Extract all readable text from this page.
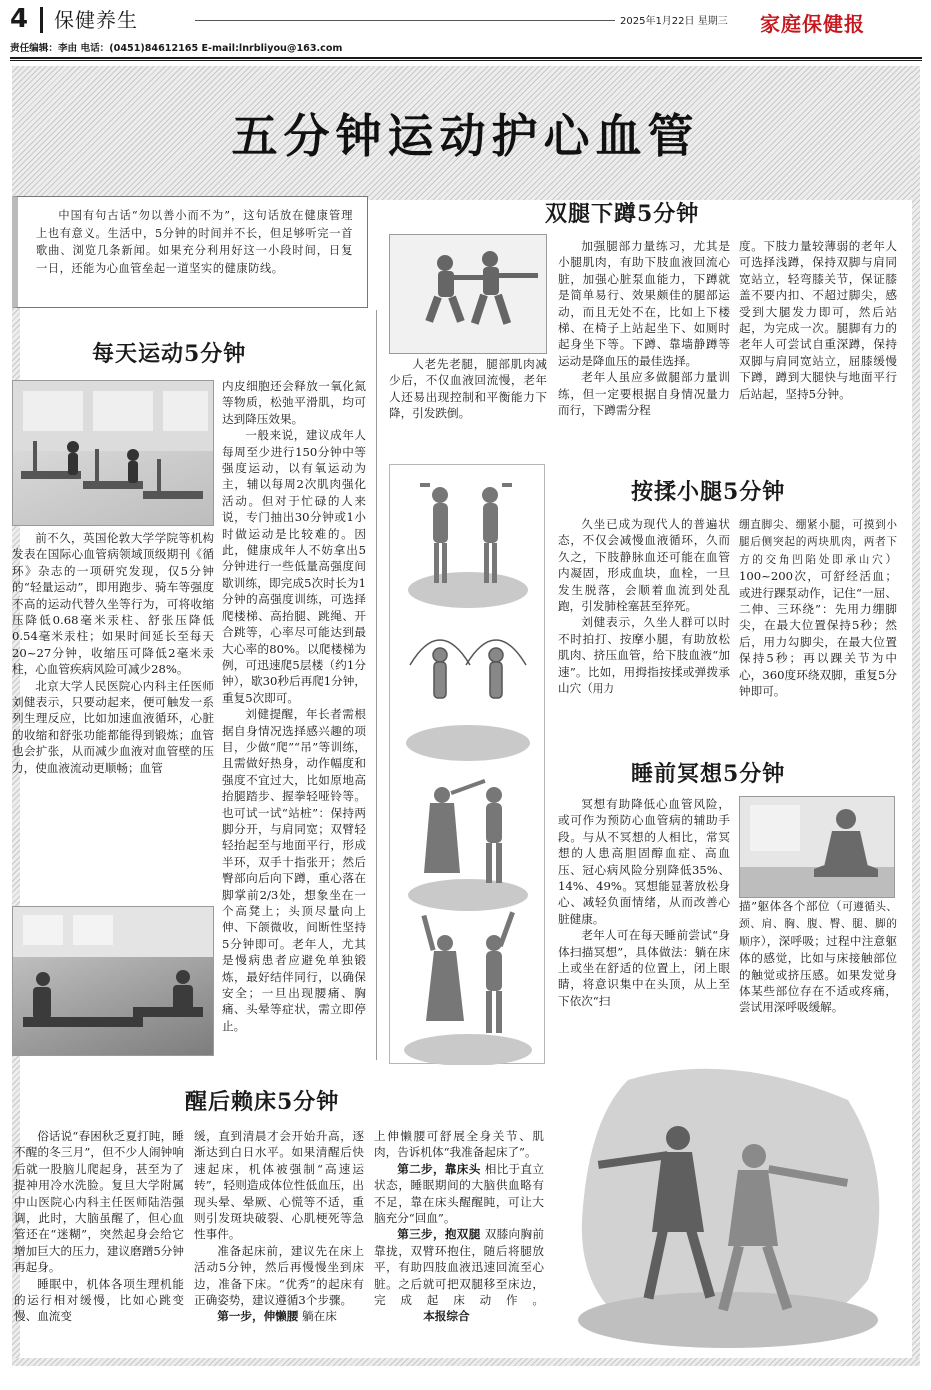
4 保健养生	2025年1月22日 星期三 家庭保健报
责任编辑：李由 电话：(0451)84612165 E-mail:lnrbliyou@163.com
五分钟运动护心血管
中国有句古话“勿以善小而不为”，这句话放在健康管理上也有意义。生活中，5分钟的时间并不长，但足够听完一首歌曲、浏览几条新闻。如果充分利用好这一小段时间，日复一日，还能为心血管垒起一道坚实的健康防线。
每天运动5分钟

前不久，英国伦敦大学学院等机构发表在国际心血管病领域顶级期刊《循环》杂志的一项研究发现，仅5分钟的“轻量运动”，即用跑步、骑车等强度不高的运动代替久坐等行为，可将收缩压降低0.68毫米汞柱、舒张压降低0.54毫米汞柱；如果时间延长至每天20~27分钟，收缩压可降低2毫米汞柱，心血管疾病风险可减少28%。

北京大学人民医院心内科主任医师刘健表示，只要动起来，便可触发一系列生理反应，比如加速血液循环，心脏的收缩和舒张功能都能得到锻炼；血管也会扩张，从而减少血液对血管壁的压力，使血液流动更顺畅；血管

内皮细胞还会释放一氧化氮等物质，松弛平滑肌，均可达到降压效果。

一般来说，建议成年人每周至少进行150分钟中等强度运动，以有氧运动为主，辅以每周2次肌肉强化活动。但对于忙碌的人来说，专门抽出30分钟或1小时做运动是比较难的。因此，健康成年人不妨拿出5分钟进行一些低量高强度间歇训练，即完成5次时长为1分钟的高强度训练，可选择爬楼梯、高抬腿、跳绳、开合跳等，心率尽可能达到最大心率的80%。以爬楼梯为例，可迅速爬5层楼（约1分钟），歇30秒后再爬1分钟，重复5次即可。

刘健提醒，年长者需根据自身情况选择感兴趣的项目，少做“爬”“吊”等训练，且需做好热身，动作幅度和强度不宜过大，比如原地高抬腿踏步、握拳轻哑铃等。也可试一试“站桩”：保持两脚分开，与肩同宽；双臂轻轻抬起至与地面平行，形成半环，双手十指张开；然后臀部向后向下蹲，重心落在脚掌前2/3处，想象坐在一个高凳上；头顶尽量向上伸、下颌微收，间断性坚持5分钟即可。老年人，尤其是慢病患者应避免单独锻炼，最好结伴同行，以确保安全；一旦出现腰痛、胸痛、头晕等症状，需立即停止。

双腿下蹲5分钟

人老先老腿，腿部肌肉减少后，不仅血液回流慢，老年人还易出现控制和平衡能力下降，引发跌倒。

加强腿部力量练习，尤其是小腿肌肉，有助下肢血液回流心脏，加强心脏泵血能力，下蹲就是简单易行、效果颇佳的腿部运动，而且无处不在，比如上下楼梯、在椅子上站起坐下、如厕时起身坐下等。下蹲、靠墙静蹲等运动是降血压的最佳选择。

老年人虽应多做腿部力量训练，但一定要根据自身情况量力而行，下蹲需分程

度。下肢力量较薄弱的老年人可选择浅蹲，保持双脚与肩同宽站立，轻弯膝关节，保证膝盖不要内扣、不超过脚尖，感受到大腿发力即可，然后站起，为完成一次。腿脚有力的老年人可尝试自重深蹲，保持双脚与肩同宽站立，屈膝缓慢下蹲，蹲到大腿快与地面平行后站起，坚持5分钟。

按揉小腿5分钟

久坐已成为现代人的普遍状态，不仅会减慢血液循环，久而久之，下肢静脉血还可能在血管内凝固，形成血块，血栓，一旦发生脱落，会顺着血流到处乱跑，引发肺栓塞甚至猝死。

刘健表示，久坐人群可以时不时拍打、按摩小腿，有助放松肌肉、挤压血管，给下肢血液“加速”。比如，用拇指按揉或弹拨承山穴（用力

绷直脚尖、绷紧小腿，可摸到小腿后侧突起的两块肌肉，两者下方的交角凹陷处即承山穴）100~200次，可舒经活血；或进行踝泵动作，记住“一屈、二伸、三环绕”：先用力绷脚尖，在最大位置保持5秒；然后，用力勾脚尖，在最大位置保持5秒；再以踝关节为中心，360度环绕双脚，重复5分钟即可。

睡前冥想5分钟

冥想有助降低心血管风险，或可作为预防心血管病的辅助手段。与从不冥想的人相比，常冥想的人患高胆固醇血症、高血压、冠心病风险分别降低35%、14%、49%。冥想能显著放松身心、减轻负面情绪，从而改善心脏健康。

老年人可在每天睡前尝试“身体扫描冥想”，具体做法：躺在床上或坐在舒适的位置上，闭上眼睛，将意识集中在头顶，从上至下依次“扫

描”躯体各个部位（可遵循头、颈、肩、胸、腹、臀、腿、脚的顺序），深呼吸；过程中注意躯体的感觉，比如与床接触部位的触觉或挤压感。如果发觉身体某些部位存在不适或疼痛，尝试用深呼吸缓解。

醒后赖床5分钟

俗话说“春困秋乏夏打盹，睡不醒的冬三月”，但不少人闹钟响后就一股脑儿爬起身，甚至为了提神用冷水洗脸。复旦大学附属中山医院心内科主任医师陆浩强调，此时，大脑虽醒了，但心血管还在“迷糊”，突然起身会给它增加巨大的压力，建议磨蹭5分钟再起身。

睡眠中，机体各项生理机能的运行相对缓慢，比如心跳变慢、血流变

缓，直到清晨才会开始升高，逐渐达到白日水平。如果清醒后快速起床，机体被强制“高速运转”，轻则造成体位性低血压，出现头晕、晕厥、心慌等不适，重则引发斑块破裂、心肌梗死等急性事件。

准备起床前，建议先在床上活动5分钟，然后再慢慢坐到床边，准备下床。“优秀”的起床有正确姿势，建议遵循3个步骤。

第一步，伸懒腰 躺在床

上伸懒腰可舒展全身关节、肌肉，告诉机体“我准备起床了”。

第二步，靠床头 相比于直立状态，睡眠期间的大脑供血略有不足，靠在床头醒醒盹，可让大脑充分“回血”。

第三步，抱双腿 双膝向胸前靠拢，双臂环抱住，随后将腿放平，有助四肢血液迅速回流至心脏。之后就可把双腿移至床边，完成起床动作。本报综合
